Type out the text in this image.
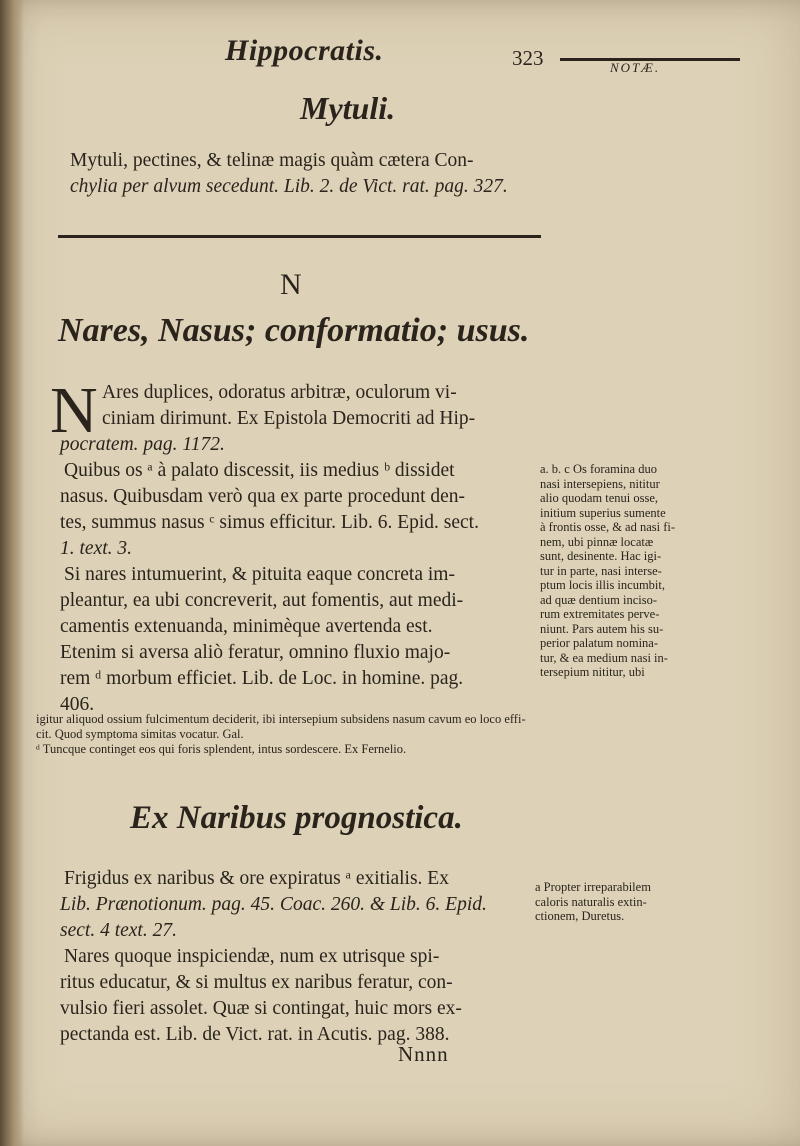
Hippocratis.	323	NOTÆ.
Mytuli.
Mytuli, pectines, & telinæ magis quàm cætera Con-
chylia per alvum secedunt. Lib. 2. de Vict. rat. pag. 327.
N
Nares, Nasus; conformatio; usus.
N Ares duplices, odoratus arbitræ, oculorum vi-
ciniam dirimunt. Ex Epistola Democriti ad Hip-
pocratem. pag. 1172.
Quibus os ᵃ à palato discessit, iis medius ᵇ dissidet
nasus. Quibusdam verò qua ex parte procedunt den-
tes, summus nasus ᶜ simus efficitur. Lib. 6. Epid. sect.
1. text. 3.
Si nares intumuerint, & pituita eaque concreta im-
pleantur, ea ubi concreverit, aut fomentis, aut medi-
camentis extenuanda, minimèque avertenda est.
Etenim si aversa aliò feratur, omnino fluxio majo-
rem ᵈ morbum efficiet. Lib. de Loc. in homine. pag.
406.
a. b. c Os foramina duo
nasi intersepiens, nititur
alio quodam tenui osse,
initium superius sumente
à frontis osse, & ad nasi fi-
nem, ubi pinnæ locatæ
sunt, desinente. Hac igi-
tur in parte, nasi interse-
ptum locis illis incumbit,
ad quæ dentium inciso-
rum extremitates perve-
niunt. Pars autem his su-
perior palatum nomina-
tur, & ea medium nasi in-
tersepium nititur, ubi
igitur aliquod ossium fulcimentum deciderit, ibi intersepium subsidens nasum cavum eo loco effi-
cit. Quod symptoma simitas vocatur. Gal.
ᵈ Tuncque continget eos qui foris splendent, intus sordescere. Ex Fernelio.
Ex Naribus prognostica.
Frigidus ex naribus & ore expiratus ᵃ exitialis. Ex
Lib. Prænotionum. pag. 45. Coac. 260. & Lib. 6. Epid.
sect. 4 text. 27.
Nares quoque inspiciendæ, num ex utrisque spi-
ritus educatur, & si multus ex naribus feratur, con-
vulsio fieri assolet. Quæ si contingat, huic mors ex-
pectanda est. Lib. de Vict. rat. in Acutis. pag. 388.
a Propter irreparabilem
caloris naturalis extin-
ctionem, Duretus.
Nnnn
